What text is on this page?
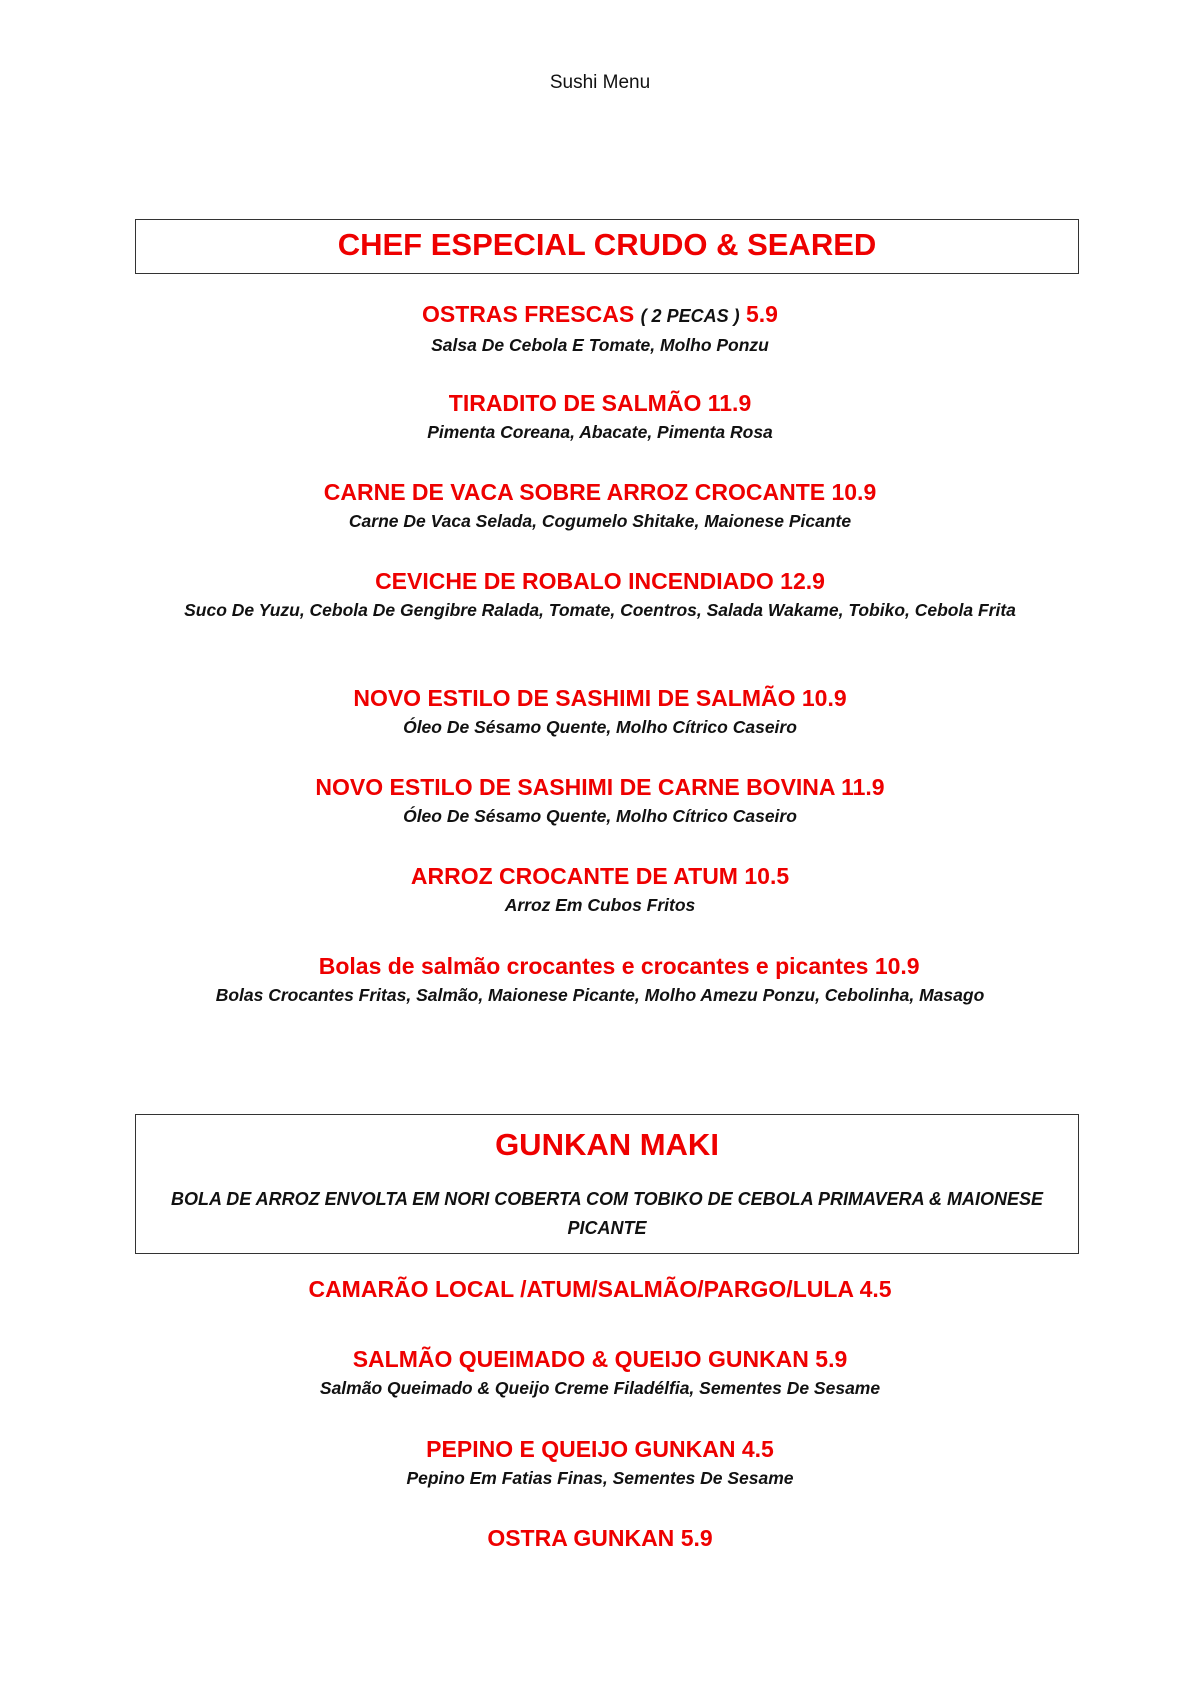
Sushi Menu
CHEF ESPECIAL CRUDO & SEARED
OSTRAS FRESCAS ( 2 PECAS ) 5.9
Salsa De Cebola E Tomate, Molho Ponzu
TIRADITO DE SALMÃO 11.9
Pimenta Coreana, Abacate, Pimenta Rosa
CARNE DE VACA SOBRE ARROZ CROCANTE 10.9
Carne De Vaca Selada, Cogumelo Shitake, Maionese Picante
CEVICHE DE ROBALO INCENDIADO 12.9
Suco De Yuzu, Cebola De Gengibre Ralada, Tomate, Coentros, Salada Wakame, Tobiko, Cebola Frita
NOVO ESTILO DE SASHIMI DE SALMÃO 10.9
Óleo De Sésamo Quente, Molho Cítrico Caseiro
NOVO ESTILO DE SASHIMI DE CARNE BOVINA 11.9
Óleo De Sésamo Quente, Molho Cítrico Caseiro
ARROZ CROCANTE DE ATUM 10.5
Arroz Em Cubos Fritos
Bolas de salmão crocantes e crocantes e picantes 10.9
Bolas Crocantes Fritas, Salmão, Maionese Picante, Molho Amezu Ponzu, Cebolinha, Masago
GUNKAN MAKI
BOLA DE ARROZ ENVOLTA EM NORI COBERTA COM TOBIKO DE CEBOLA PRIMAVERA & MAIONESE PICANTE
CAMARÃO LOCAL /ATUM/SALMÃO/PARGO/LULA 4.5
SALMÃO QUEIMADO & QUEIJO GUNKAN 5.9
Salmão Queimado & Queijo Creme Filadélfia, Sementes De Sesame
PEPINO E QUEIJO GUNKAN 4.5
Pepino Em Fatias Finas, Sementes De Sesame
OSTRA GUNKAN 5.9
